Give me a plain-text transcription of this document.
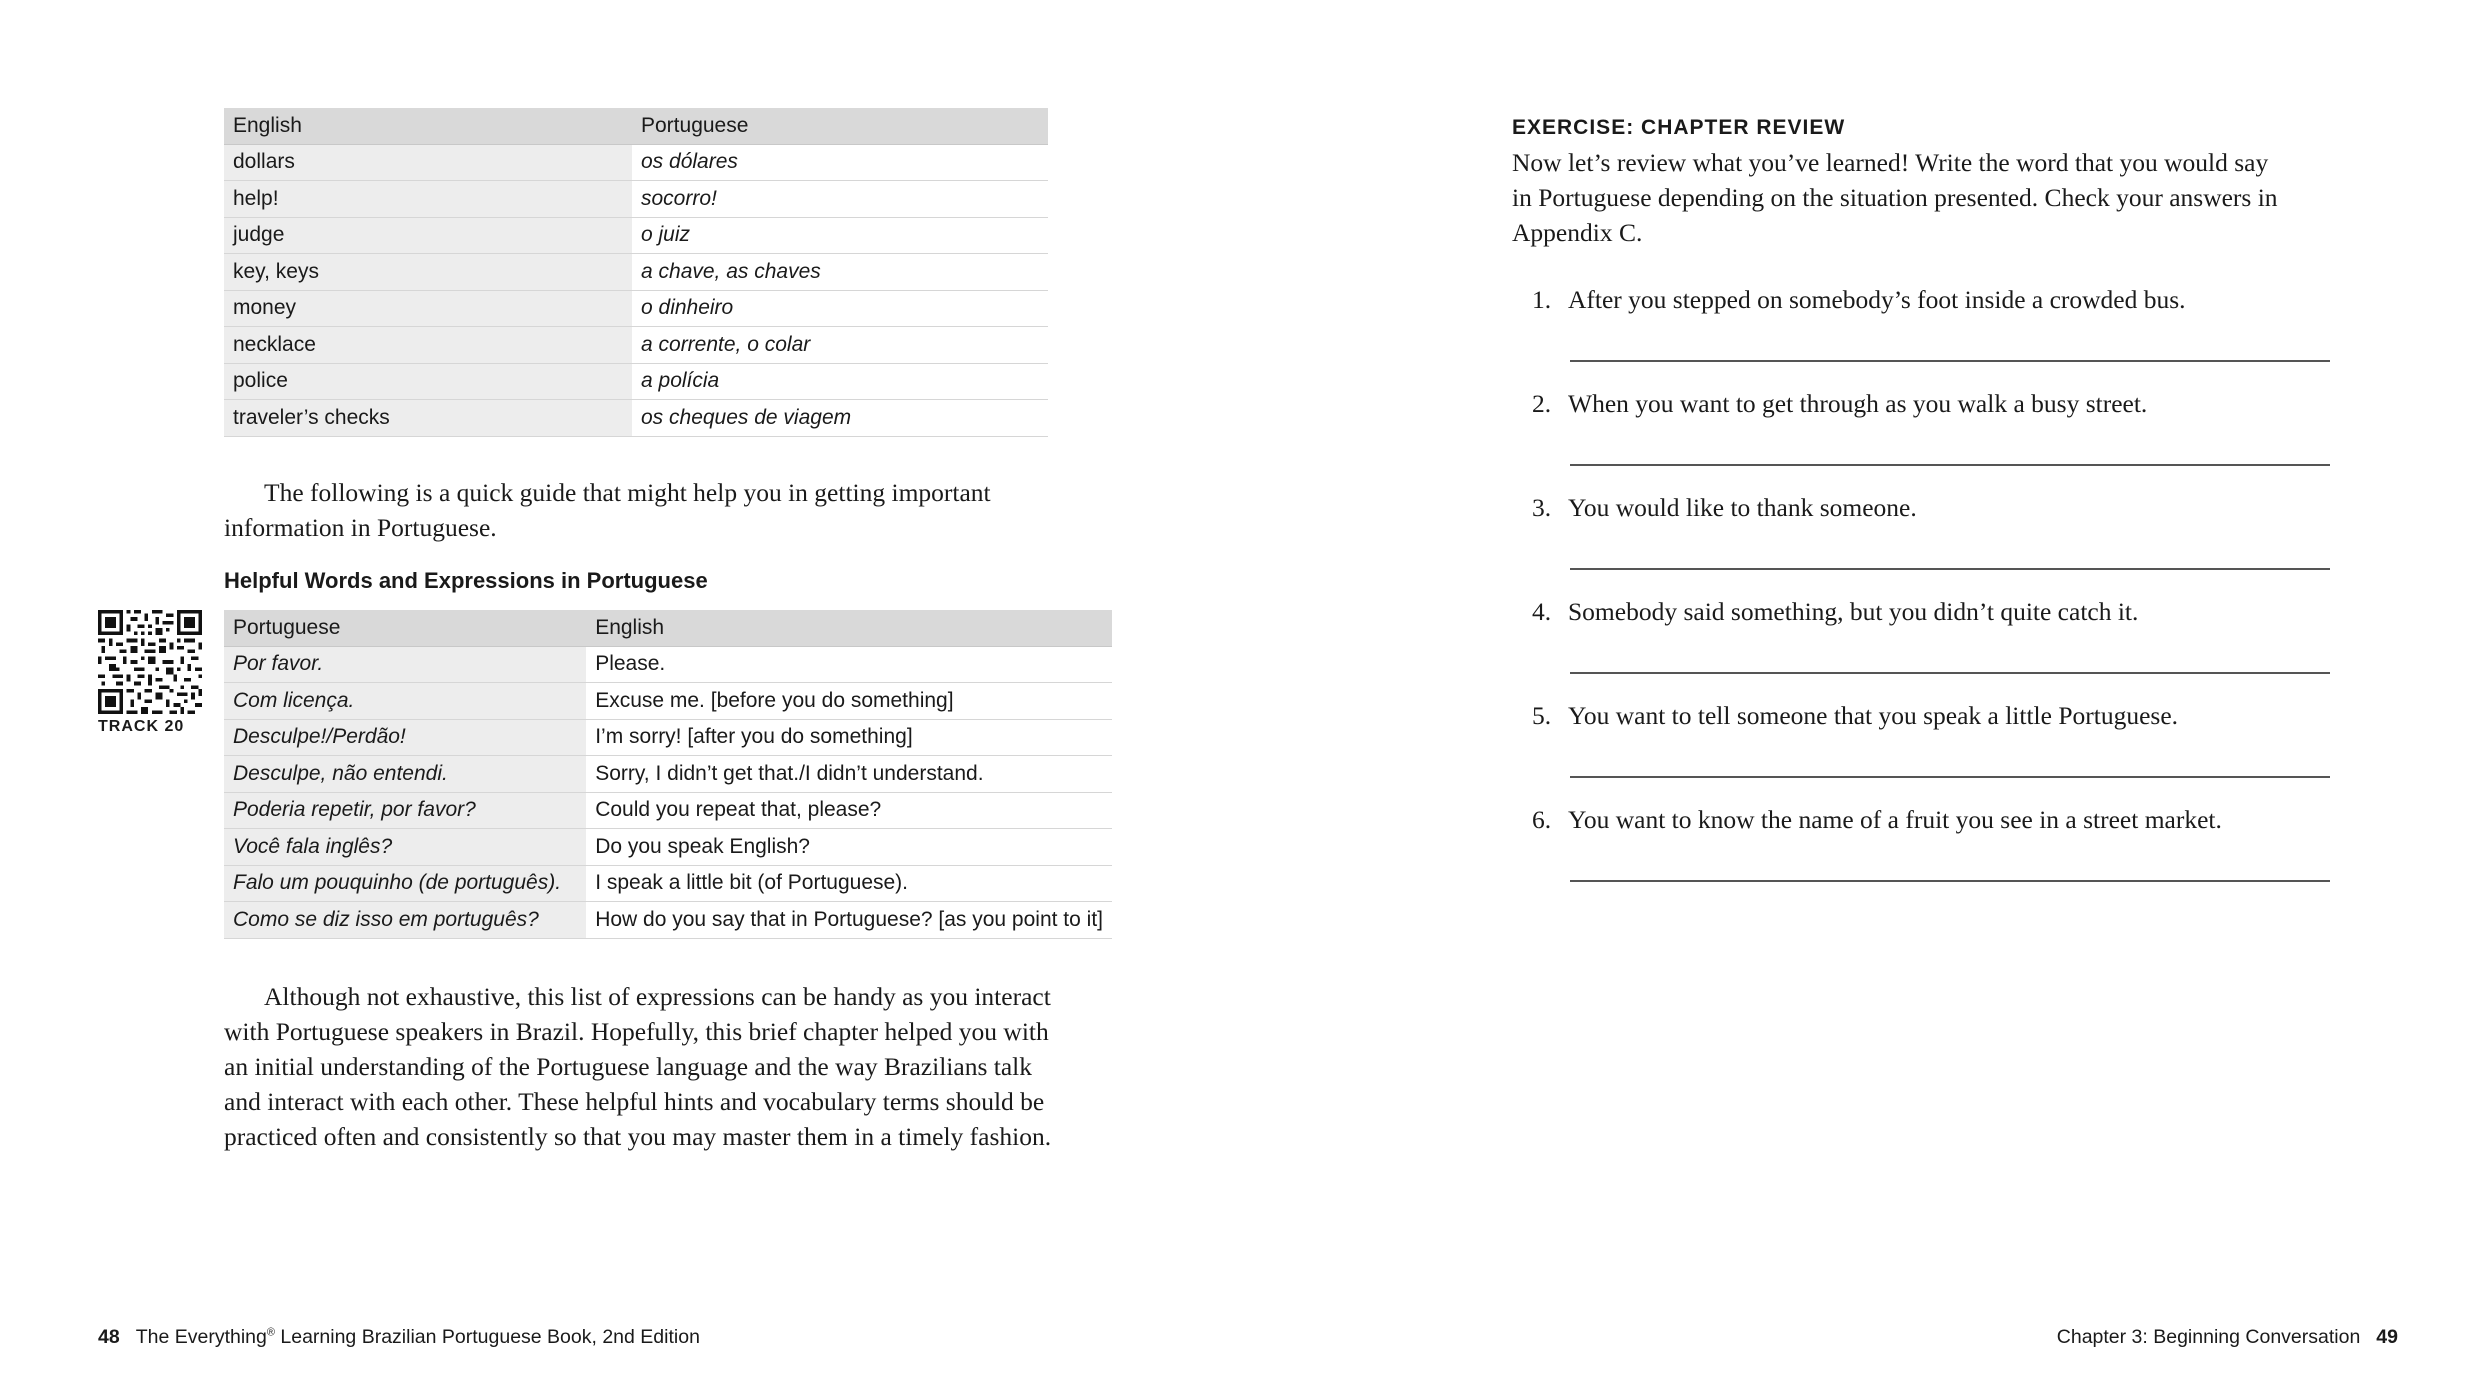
English	Portuguese
dollars	os dólares
help!	socorro!
judge	o juiz
key, keys	a chave, as chaves
money	o dinheiro
necklace	a corrente, o colar
police	a polícia
traveler’s checks	os cheques de viagem

The following is a quick guide that might help you in getting important
information in Portuguese.

Helpful Words and Expressions in Portuguese

TRACK 20
Portuguese	English
Por favor.	Please.
Com licença.	Excuse me. [before you do something]
Desculpe!/Perdão!	I’m sorry! [after you do something]
Desculpe, não entendi.	Sorry, I didn’t get that./I didn’t understand.
Poderia repetir, por favor?	Could you repeat that, please?
Você fala inglês?	Do you speak English?
Falo um pouquinho (de português).	I speak a little bit (of Portuguese).
Como se diz isso em português?	How do you say that in Portuguese? [as you point to it]

Although not exhaustive, this list of expressions can be handy as you interact
with Portuguese speakers in Brazil. Hopefully, this brief chapter helped you with
an initial understanding of the Portuguese language and the way Brazilians talk
and interact with each other. These helpful hints and vocabulary terms should be
practiced often and consistently so that you may master them in a timely fashion.

48 The Everything® Learning Brazilian Portuguese Book, 2nd Edition

EXERCISE: CHAPTER REVIEW

Now let’s review what you’ve learned! Write the word that you would say
in Portuguese depending on the situation presented. Check your answers in
Appendix C.

1. After you stepped on somebody’s foot inside a crowded bus.
2. When you want to get through as you walk a busy street.
3. You would like to thank someone.
4. Somebody said something, but you didn’t quite catch it.
5. You want to tell someone that you speak a little Portuguese.
6. You want to know the name of a fruit you see in a street market.
Chapter 3: Beginning Conversation 49
